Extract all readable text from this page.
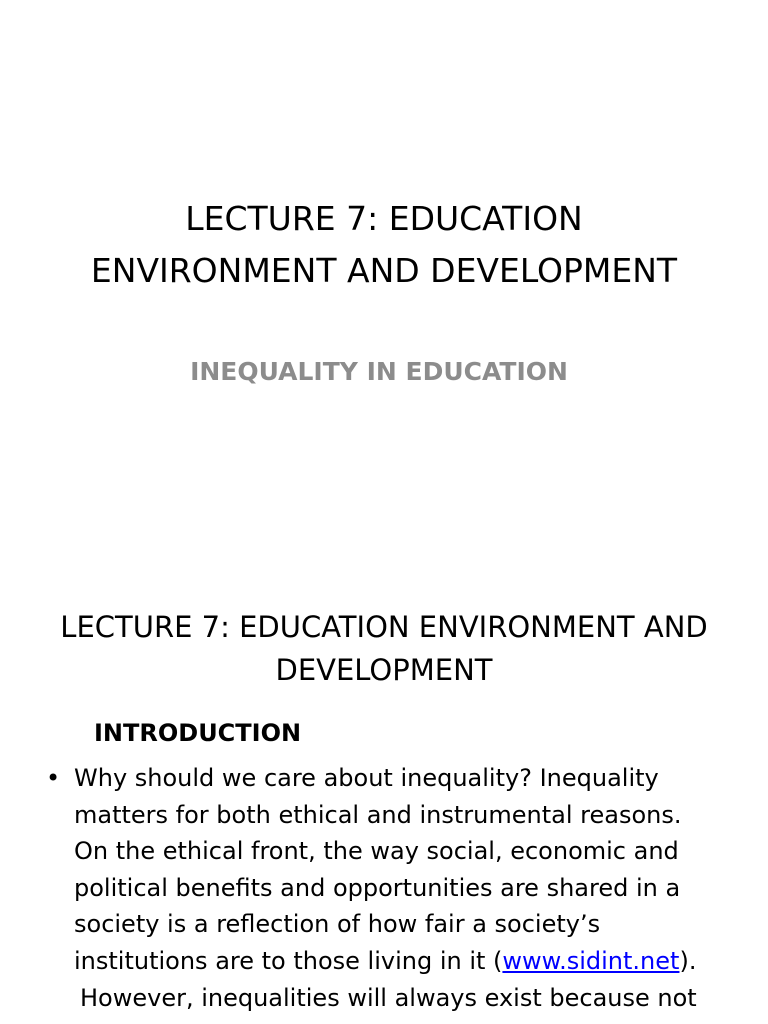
LECTURE 7: EDUCATION
ENVIRONMENT AND DEVELOPMENT
INEQUALITY IN EDUCATION
LECTURE 7: EDUCATION ENVIRONMENT AND
DEVELOPMENT
INTRODUCTION
• Why should we care about inequality? Inequality
matters for both ethical and instrumental reasons.
On the ethical front, the way social, economic and
political benefits and opportunities are shared in a
society is a reflection of how fair a society’s
institutions are to those living in it (www.sidint.net).
However, inequalities will always exist because not
